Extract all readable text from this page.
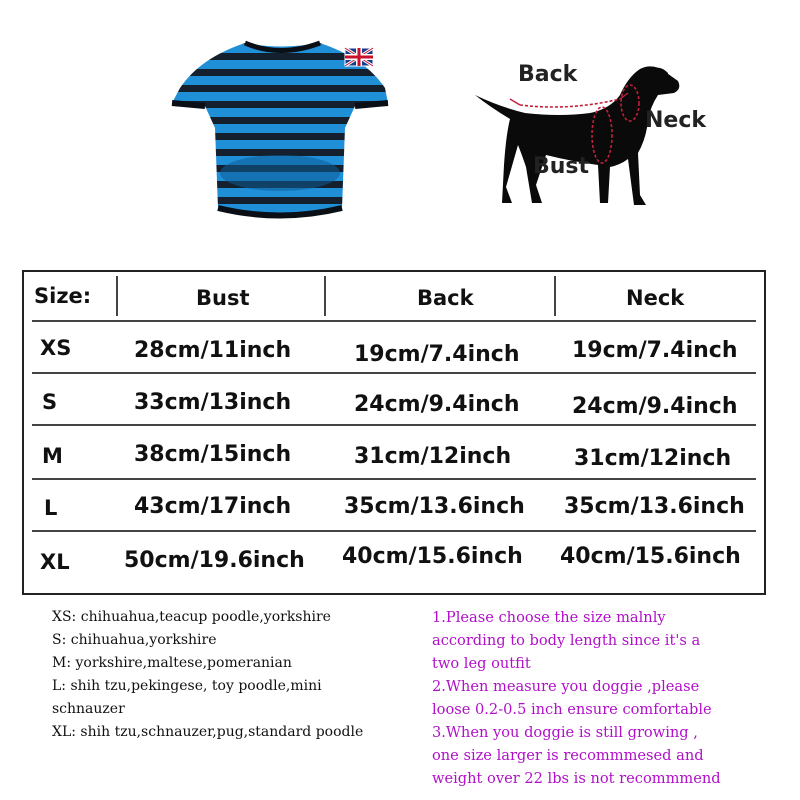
Back
Neck
Bust
Size:	Bust	Back	Neck
XS	28cm/11inch	19cm/7.4inch 19cm/7.4inch
S	33cm/13inch	24cm/9.4inch 24cm/9.4inch
M	38cm/15inch	31cm/12inch	31cm/12inch
L	43cm/17inch 35cm/13.6inch 35cm/13.6inch
XL 50cm/19.6inch 40cm/15.6inch 40cm/15.6inch
XS: chihuahua,teacup poodle,yorkshire
S: chihuahua,yorkshire
M: yorkshire,maltese,pomeranian
L: shih tzu,pekingese, toy poodle,mini
schnauzer
XL: shih tzu,schnauzer,pug,standard poodle
1.Please choose the size malnly
according to body length since it's a
two leg outfit
2.When measure you doggie ,please
loose 0.2-0.5 inch ensure comfortable
3.When you doggie is still growing ,
one size larger is recommmesed and
weight over 22 lbs is not recommmend
